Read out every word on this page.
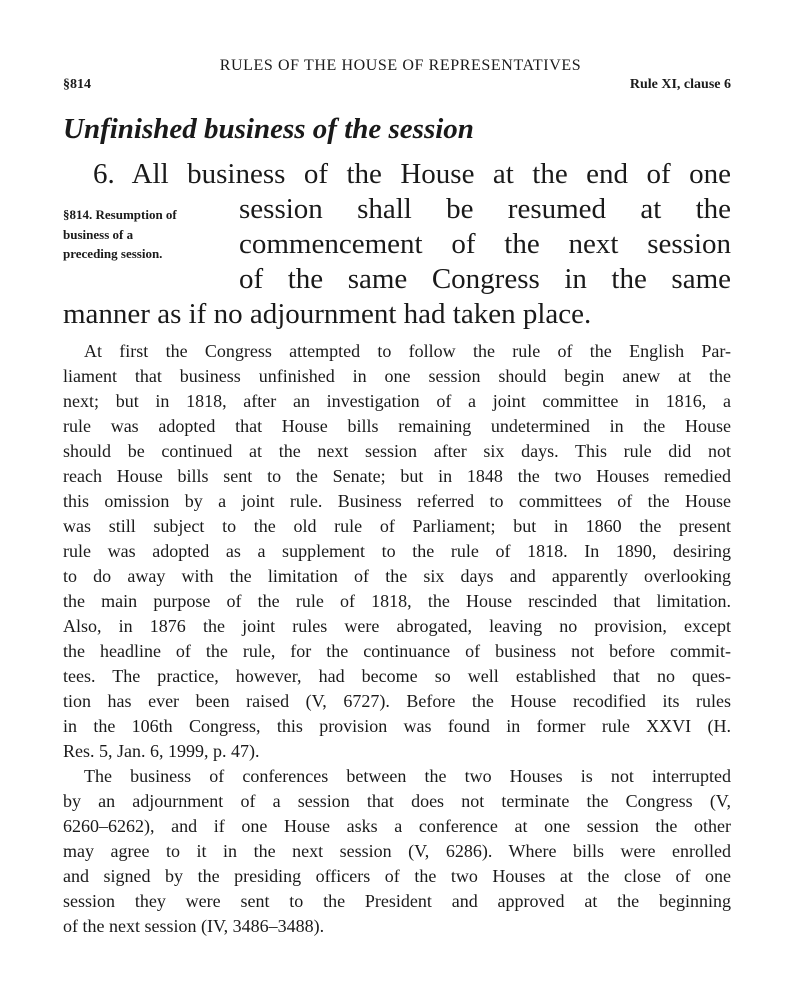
RULES OF THE HOUSE OF REPRESENTATIVES
§814	Rule XI, clause 6
Unfinished business of the session
6. All business of the House at the end of one
session shall be resumed at the
commencement of the next session
of the same Congress in the same
manner as if no adjournment had taken place.
§814. Resumption of
business of a
preceding session.
At first the Congress attempted to follow the rule of the English Par-
liament that business unfinished in one session should begin anew at the
next; but in 1818, after an investigation of a joint committee in 1816, a
rule was adopted that House bills remaining undetermined in the House
should be continued at the next session after six days. This rule did not
reach House bills sent to the Senate; but in 1848 the two Houses remedied
this omission by a joint rule. Business referred to committees of the House
was still subject to the old rule of Parliament; but in 1860 the present
rule was adopted as a supplement to the rule of 1818. In 1890, desiring
to do away with the limitation of the six days and apparently overlooking
the main purpose of the rule of 1818, the House rescinded that limitation.
Also, in 1876 the joint rules were abrogated, leaving no provision, except
the headline of the rule, for the continuance of business not before commit-
tees. The practice, however, had become so well established that no ques-
tion has ever been raised (V, 6727). Before the House recodified its rules
in the 106th Congress, this provision was found in former rule XXVI (H.
Res. 5, Jan. 6, 1999, p. 47).
The business of conferences between the two Houses is not interrupted
by an adjournment of a session that does not terminate the Congress (V,
6260–6262), and if one House asks a conference at one session the other
may agree to it in the next session (V, 6286). Where bills were enrolled
and signed by the presiding officers of the two Houses at the close of one
session they were sent to the President and approved at the beginning
of the next session (IV, 3486–3488).
